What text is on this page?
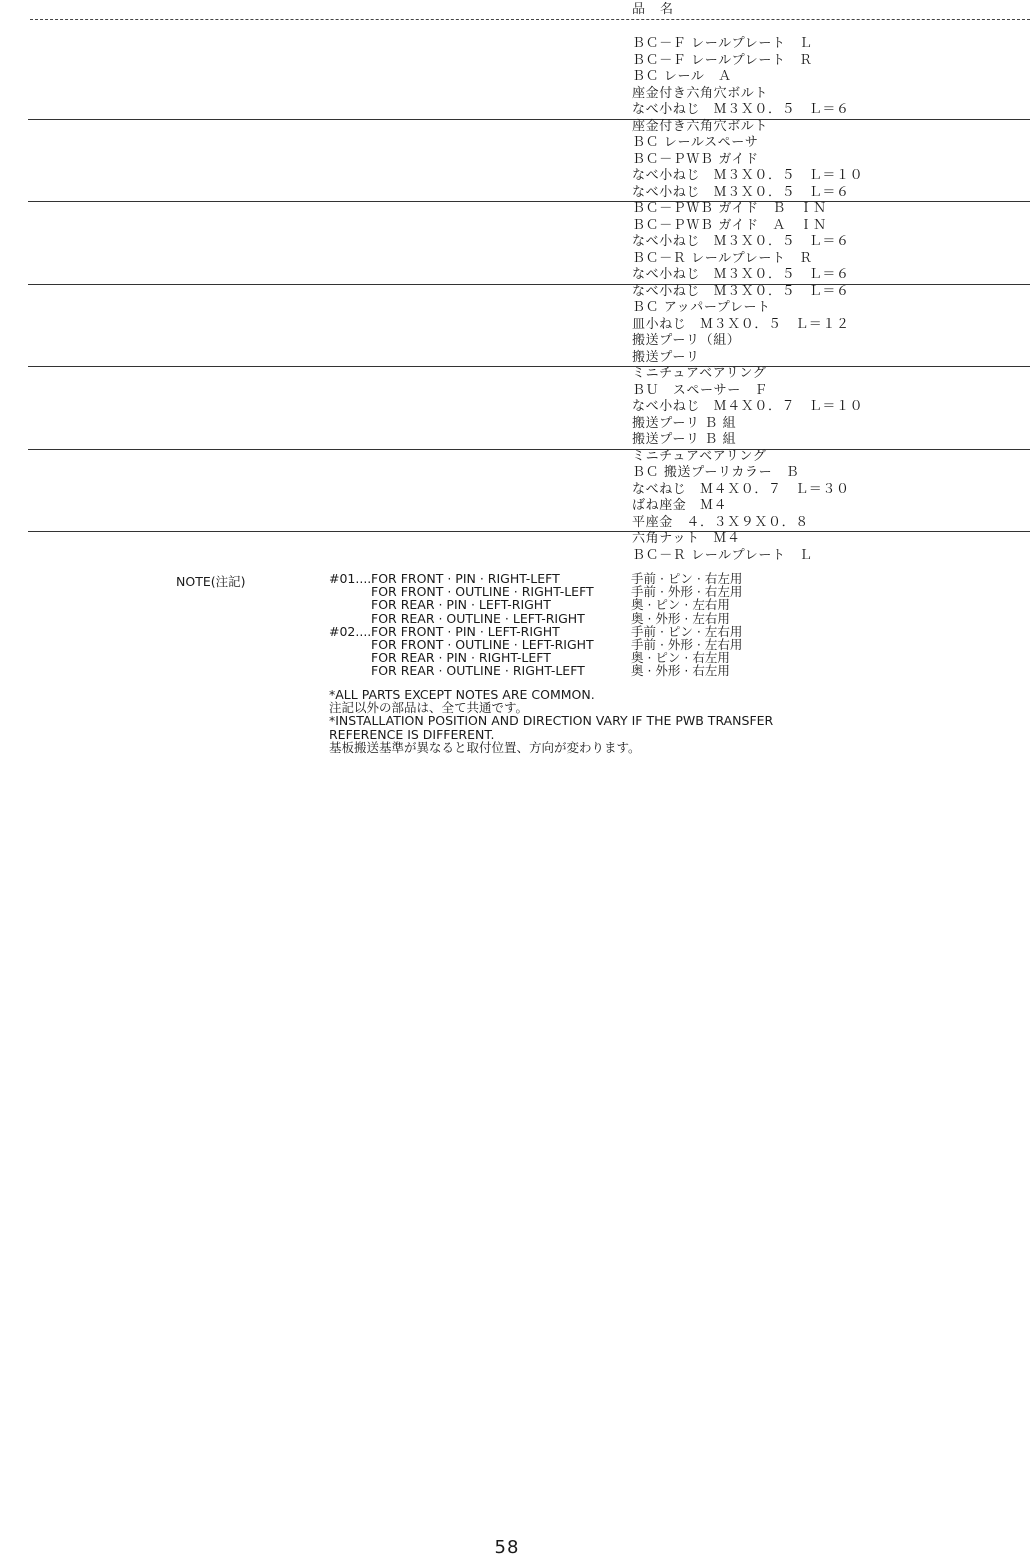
品　名
ＢＣ－Ｆ レールプレート　Ｌ
ＢＣ－Ｆ レールプレート　Ｒ
ＢＣ レール　Ａ
座金付き六角穴ボルト
なべ小ねじ　Ｍ３Ｘ０．５　Ｌ＝６
座金付き六角穴ボルト
ＢＣ レールスペーサ
ＢＣ－ＰＷＢ ガイド
なべ小ねじ　Ｍ３Ｘ０．５　Ｌ＝１０
なべ小ねじ　Ｍ３Ｘ０．５　Ｌ＝６
ＢＣ－ＰＷＢ ガイド　Ｂ　ＩＮ
ＢＣ－ＰＷＢ ガイド　Ａ　ＩＮ
なべ小ねじ　Ｍ３Ｘ０．５　Ｌ＝６
ＢＣ－Ｒ レールプレート　Ｒ
なべ小ねじ　Ｍ３Ｘ０．５　Ｌ＝６
なべ小ねじ　Ｍ３Ｘ０．５　Ｌ＝６
ＢＣ アッパープレート
皿小ねじ　Ｍ３Ｘ０．５　Ｌ＝１２
搬送プーリ（組）
搬送プーリ
ミニチュアベアリング
ＢＵ　スペーサー　Ｆ
なべ小ねじ　Ｍ４Ｘ０．７　Ｌ＝１０
搬送プーリ Ｂ 組
搬送プーリ Ｂ 組
ミニチュアベアリング
ＢＣ 搬送プーリカラー　Ｂ
なべねじ　Ｍ４Ｘ０．７　Ｌ＝３０
ばね座金　Ｍ４
平座金　４．３Ｘ９Ｘ０．８
六角ナット　Ｍ４
ＢＣ－Ｒ レールプレート　Ｌ
NOTE(注記)	#01.... FOR FRONT · PIN · RIGHT-LEFT	手前 · ピン · 右左用
FOR FRONT · OUTLINE · RIGHT-LEFT	手前 · 外形 · 右左用
FOR REAR · PIN · LEFT-RIGHT	奥 · ピン · 左右用
FOR REAR · OUTLINE · LEFT-RIGHT	奥 · 外形 · 左右用
#02.... FOR FRONT · PIN · LEFT-RIGHT	手前 · ピン · 左右用
FOR FRONT · OUTLINE · LEFT-RIGHT	手前 · 外形 · 左右用
FOR REAR · PIN · RIGHT-LEFT	奥 · ピン · 右左用
FOR REAR · OUTLINE · RIGHT-LEFT	奥 · 外形 · 右左用
*ALL PARTS EXCEPT NOTES ARE COMMON.
注記以外の部品は、全て共通です。
*INSTALLATION POSITION AND DIRECTION VARY IF THE PWB TRANSFER
REFERENCE IS DIFFERENT.
基板搬送基準が異なると取付位置、方向が変わります。
58
